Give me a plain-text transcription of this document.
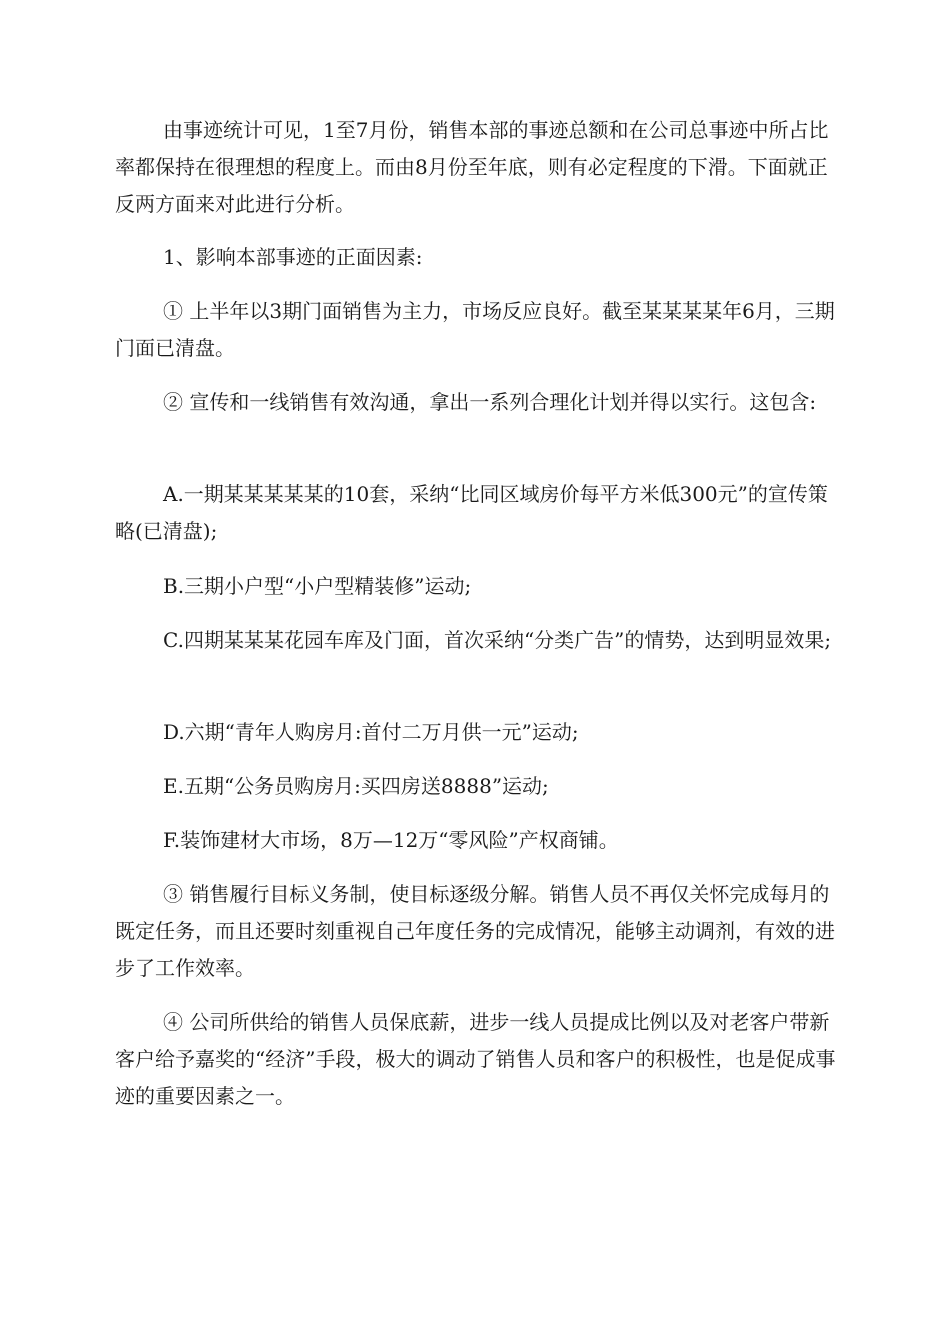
由事迹统计可见，1至7月份，销售本部的事迹总额和在公司总事迹中所占比率都保持在很理想的程度上。而由8月份至年底，则有必定程度的下滑。下面就正反两方面来对此进行分析。

1、影响本部事迹的正面因素:

① 上半年以3期门面销售为主力，市场反应良好。截至某某某某年6月，三期门面已清盘。

② 宣传和一线销售有效沟通，拿出一系列合理化计划并得以实行。这包含:

A.一期某某某某某的10套，采纳“比同区域房价每平方米低300元”的宣传策略(已清盘);

B.三期小户型“小户型精装修”运动;

C.四期某某某花园车库及门面，首次采纳“分类广告”的情势，达到明显效果;

D.六期“青年人购房月:首付二万月供一元”运动;

E.五期“公务员购房月:买四房送8888”运动;

F.装饰建材大市场，8万—12万“零风险”产权商铺。

③ 销售履行目标义务制，使目标逐级分解。销售人员不再仅关怀完成每月的既定任务，而且还要时刻重视自己年度任务的完成情况，能够主动调剂，有效的进步了工作效率。

④ 公司所供给的销售人员保底薪，进步一线人员提成比例以及对老客户带新客户给予嘉奖的“经济”手段，极大的调动了销售人员和客户的积极性，也是促成事迹的重要因素之一。
